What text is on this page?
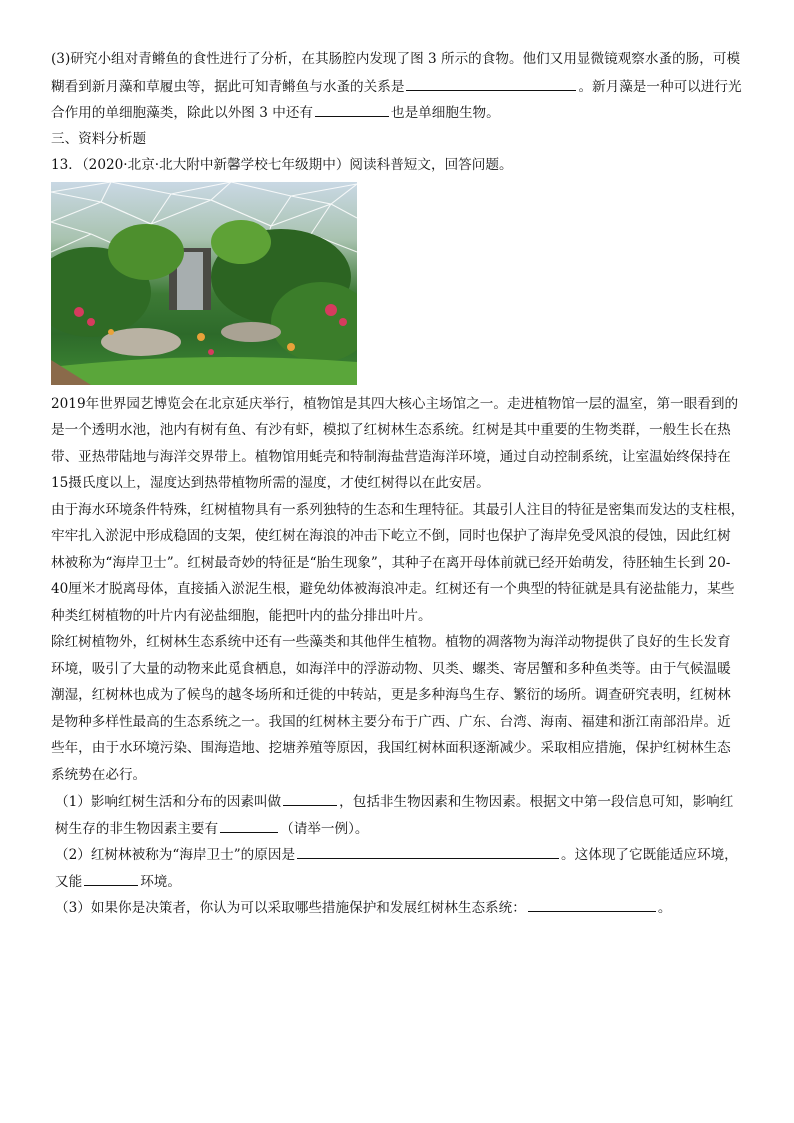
(3)研究小组对青鳉鱼的食性进行了分析，在其肠腔内发现了图 3 所示的食物。他们又用显微镜观察水蚤的肠，可模
糊看到新月藻和草履虫等，据此可知青鳉鱼与水蚤的关系是	。新月藻是一种可以进行光
合作用的单细胞藻类，除此以外图 3 中还有	也是单细胞生物。
三、资料分析题
13．（2020·北京·北大附中新馨学校七年级期中）阅读科普短文，回答问题。
2019年世界园艺博览会在北京延庆举行，植物馆是其四大核心主场馆之一。走进植物馆一层的温室，第一眼看到的
是一个透明水池，池内有树有鱼、有沙有虾，模拟了红树林生态系统。红树是其中重要的生物类群，一般生长在热
带、亚热带陆地与海洋交界带上。植物馆用蚝壳和特制海盐营造海洋环境，通过自动控制系统，让室温始终保持在
15摄氏度以上，湿度达到热带植物所需的湿度，才使红树得以在此安居。
由于海水环境条件特殊，红树植物具有一系列独特的生态和生理特征。其最引人注目的特征是密集而发达的支柱根，
牢牢扎入淤泥中形成稳固的支架，使红树在海浪的冲击下屹立不倒，同时也保护了海岸免受风浪的侵蚀，因此红树
林被称为“海岸卫士”。红树最奇妙的特征是“胎生现象”，其种子在离开母体前就已经开始萌发，待胚轴生长到 20-
40厘米才脱离母体，直接插入淤泥生根，避免幼体被海浪冲走。红树还有一个典型的特征就是具有泌盐能力，某些
种类红树植物的叶片内有泌盐细胞，能把叶内的盐分排出叶片。
除红树植物外，红树林生态系统中还有一些藻类和其他伴生植物。植物的凋落物为海洋动物提供了良好的生长发育
环境，吸引了大量的动物来此觅食栖息，如海洋中的浮游动物、贝类、螺类、寄居蟹和多种鱼类等。由于气候温暖
潮湿，红树林也成为了候鸟的越冬场所和迁徙的中转站，更是多种海鸟生存、繁衍的场所。调查研究表明，红树林
是物种多样性最高的生态系统之一。我国的红树林主要分布于广西、广东、台湾、海南、福建和浙江南部沿岸。近
些年，由于水环境污染、围海造地、挖塘养殖等原因，我国红树林面积逐渐减少。采取相应措施，保护红树林生态
系统势在必行。
（1）影响红树生活和分布的因素叫做	，包括非生物因素和生物因素。根据文中第一段信息可知，影响红
树生存的非生物因素主要有	（请举一例）。
（2）红树林被称为“海岸卫士”的原因是	。这体现了它既能适应环境，
又能	环境。
（3）如果你是决策者，你认为可以采取哪些措施保护和发展红树林生态系统：	。
